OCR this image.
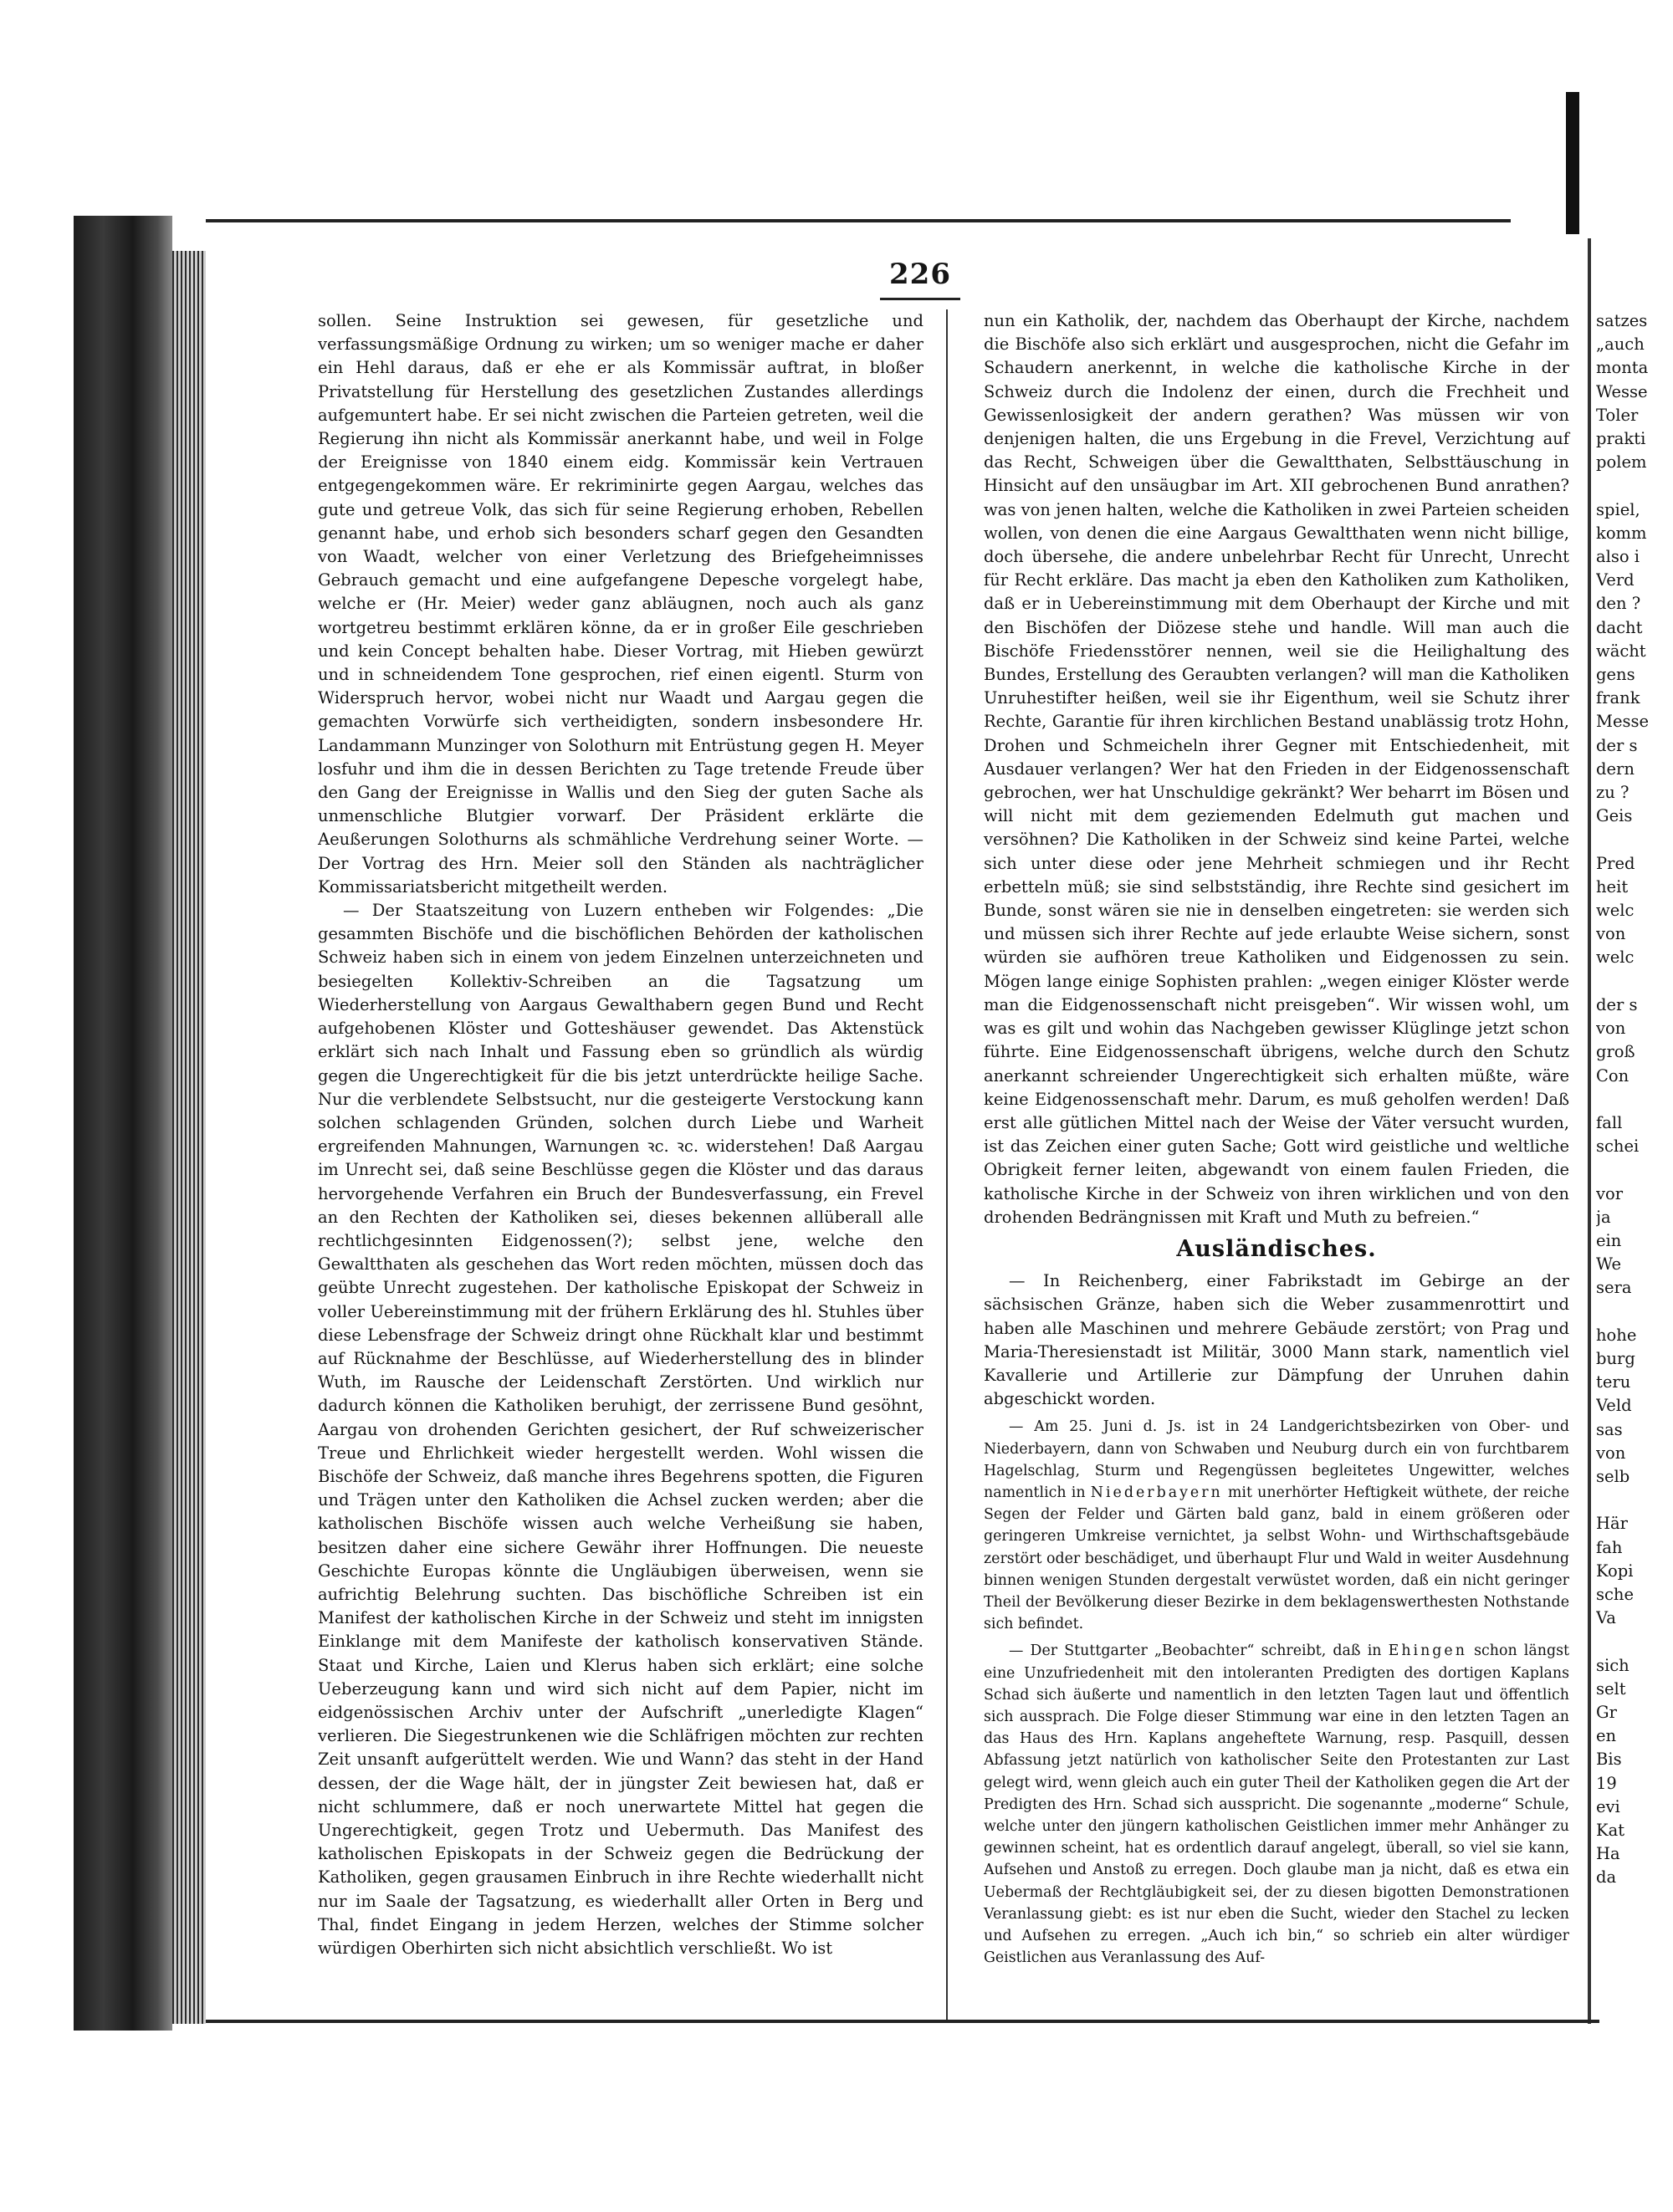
226

sollen. Seine Instruktion sei gewesen, für gesetzliche und verfassungsmäßige Ordnung zu wirken; um so weniger mache er daher ein Hehl daraus, daß er ehe er als Kommissär auftrat, in bloßer Privatstellung für Herstellung des gesetzlichen Zustandes allerdings aufgemuntert habe. Er sei nicht zwischen die Parteien getreten, weil die Regierung ihn nicht als Kommissär anerkannt habe, und weil in Folge der Ereignisse von 1840 einem eidg. Kommissär kein Vertrauen entgegengekommen wäre. Er rekriminirte gegen Aargau, welches das gute und getreue Volk, das sich für seine Regierung erhoben, Rebellen genannt habe, und erhob sich besonders scharf gegen den Gesandten von Waadt, welcher von einer Verletzung des Briefgeheimnisses Gebrauch gemacht und eine aufgefangene Depesche vorgelegt habe, welche er (Hr. Meier) weder ganz abläugnen, noch auch als ganz wortgetreu bestimmt erklären könne, da er in großer Eile geschrieben und kein Concept behalten habe. Dieser Vortrag, mit Hieben gewürzt und in schneidendem Tone gesprochen, rief einen eigentl. Sturm von Widerspruch hervor, wobei nicht nur Waadt und Aargau gegen die gemachten Vorwürfe sich vertheidigten, sondern insbesondere Hr. Landammann Munzinger von Solothurn mit Entrüstung gegen H. Meyer losfuhr und ihm die in dessen Berichten zu Tage tretende Freude über den Gang der Ereignisse in Wallis und den Sieg der guten Sache als unmenschliche Blutgier vorwarf. Der Präsident erklärte die Aeußerungen Solothurns als schmähliche Verdrehung seiner Worte. — Der Vortrag des Hrn. Meier soll den Ständen als nachträglicher Kommissariatsbericht mitgetheilt werden.

— Der Staatszeitung von Luzern entheben wir Folgendes: „Die gesammten Bischöfe und die bischöflichen Behörden der katholischen Schweiz haben sich in einem von jedem Einzelnen unterzeichneten und besiegelten Kollektiv-Schreiben an die Tagsatzung um Wiederherstellung von Aargaus Gewalthabern gegen Bund und Recht aufgehobenen Klöster und Gotteshäuser gewendet. Das Aktenstück erklärt sich nach Inhalt und Fassung eben so gründlich als würdig gegen die Ungerechtigkeit für die bis jetzt unterdrückte heilige Sache. Nur die verblendete Selbstsucht, nur die gesteigerte Verstockung kann solchen schlagenden Gründen, solchen durch Liebe und Warheit ergreifenden Mahnungen, Warnungen ꝛc. ꝛc. widerstehen! Daß Aargau im Unrecht sei, daß seine Beschlüsse gegen die Klöster und das daraus hervorgehende Verfahren ein Bruch der Bundesverfassung, ein Frevel an den Rechten der Katholiken sei, dieses bekennen allüberall alle rechtlichgesinnten Eidgenossen(?); selbst jene, welche den Gewaltthaten als geschehen das Wort reden möchten, müssen doch das geübte Unrecht zugestehen. Der katholische Episkopat der Schweiz in voller Uebereinstimmung mit der frühern Erklärung des hl. Stuhles über diese Lebensfrage der Schweiz dringt ohne Rückhalt klar und bestimmt auf Rücknahme der Beschlüsse, auf Wiederherstellung des in blinder Wuth, im Rausche der Leidenschaft Zerstörten. Und wirklich nur dadurch können die Katholiken beruhigt, der zerrissene Bund gesöhnt, Aargau von drohenden Gerichten gesichert, der Ruf schweizerischer Treue und Ehrlichkeit wieder hergestellt werden. Wohl wissen die Bischöfe der Schweiz, daß manche ihres Begehrens spotten, die Figuren und Trägen unter den Katholiken die Achsel zucken werden; aber die katholischen Bischöfe wissen auch welche Verheißung sie haben, besitzen daher eine sichere Gewähr ihrer Hoffnungen. Die neueste Geschichte Europas könnte die Ungläubigen überweisen, wenn sie aufrichtig Belehrung suchten. Das bischöfliche Schreiben ist ein Manifest der katholischen Kirche in der Schweiz und steht im innigsten Einklange mit dem Manifeste der katholisch konservativen Stände. Staat und Kirche, Laien und Klerus haben sich erklärt; eine solche Ueberzeugung kann und wird sich nicht auf dem Papier, nicht im eidgenössischen Archiv unter der Aufschrift „unerledigte Klagen“ verlieren. Die Siegestrunkenen wie die Schläfrigen möchten zur rechten Zeit unsanft aufgerüttelt werden. Wie und Wann? das steht in der Hand dessen, der die Wage hält, der in jüngster Zeit bewiesen hat, daß er nicht schlummere, daß er noch unerwartete Mittel hat gegen die Ungerechtigkeit, gegen Trotz und Uebermuth. Das Manifest des katholischen Episkopats in der Schweiz gegen die Bedrückung der Katholiken, gegen grausamen Einbruch in ihre Rechte wiederhallt nicht nur im Saale der Tagsatzung, es wiederhallt aller Orten in Berg und Thal, findet Eingang in jedem Herzen, welches der Stimme solcher würdigen Oberhirten sich nicht absichtlich verschließt. Wo ist

nun ein Katholik, der, nachdem das Oberhaupt der Kirche, nachdem die Bischöfe also sich erklärt und ausgesprochen, nicht die Gefahr im Schaudern anerkennt, in welche die katholische Kirche in der Schweiz durch die Indolenz der einen, durch die Frechheit und Gewissenlosigkeit der andern gerathen? Was müssen wir von denjenigen halten, die uns Ergebung in die Frevel, Verzichtung auf das Recht, Schweigen über die Gewaltthaten, Selbsttäuschung in Hinsicht auf den unsäugbar im Art. XII gebrochenen Bund anrathen? was von jenen halten, welche die Katholiken in zwei Parteien scheiden wollen, von denen die eine Aargaus Gewaltthaten wenn nicht billige, doch übersehe, die andere unbelehrbar Recht für Unrecht, Unrecht für Recht erkläre. Das macht ja eben den Katholiken zum Katholiken, daß er in Uebereinstimmung mit dem Oberhaupt der Kirche und mit den Bischöfen der Diözese stehe und handle. Will man auch die Bischöfe Friedensstörer nennen, weil sie die Heilighaltung des Bundes, Erstellung des Geraubten verlangen? will man die Katholiken Unruhestifter heißen, weil sie ihr Eigenthum, weil sie Schutz ihrer Rechte, Garantie für ihren kirchlichen Bestand unablässig trotz Hohn, Drohen und Schmeicheln ihrer Gegner mit Entschiedenheit, mit Ausdauer verlangen? Wer hat den Frieden in der Eidgenossenschaft gebrochen, wer hat Unschuldige gekränkt? Wer beharrt im Bösen und will nicht mit dem geziemenden Edelmuth gut machen und versöhnen? Die Katholiken in der Schweiz sind keine Partei, welche sich unter diese oder jene Mehrheit schmiegen und ihr Recht erbetteln müß; sie sind selbstständig, ihre Rechte sind gesichert im Bunde, sonst wären sie nie in denselben eingetreten: sie werden sich und müssen sich ihrer Rechte auf jede erlaubte Weise sichern, sonst würden sie aufhören treue Katholiken und Eidgenossen zu sein. Mögen lange einige Sophisten prahlen: „wegen einiger Klöster werde man die Eidgenossenschaft nicht preisgeben“. Wir wissen wohl, um was es gilt und wohin das Nachgeben gewisser Klüglinge jetzt schon führte. Eine Eidgenossenschaft übrigens, welche durch den Schutz anerkannt schreiender Ungerechtigkeit sich erhalten müßte, wäre keine Eidgenossenschaft mehr. Darum, es muß geholfen werden! Daß erst alle gütlichen Mittel nach der Weise der Väter versucht wurden, ist das Zeichen einer guten Sache; Gott wird geistliche und weltliche Obrigkeit ferner leiten, abgewandt von einem faulen Frieden, die katholische Kirche in der Schweiz von ihren wirklichen und von den drohenden Bedrängnissen mit Kraft und Muth zu befreien.“

Ausländisches.

— In Reichenberg, einer Fabrikstadt im Gebirge an der sächsischen Gränze, haben sich die Weber zusammenrottirt und haben alle Maschinen und mehrere Gebäude zerstört; von Prag und Maria-Theresienstadt ist Militär, 3000 Mann stark, namentlich viel Kavallerie und Artillerie zur Dämpfung der Unruhen dahin abgeschickt worden.

— Am 25. Juni d. Js. ist in 24 Landgerichtsbezirken von Ober- und Niederbayern, dann von Schwaben und Neuburg durch ein von furchtbarem Hagelschlag, Sturm und Regengüssen begleitetes Ungewitter, welches namentlich in Niederbayern mit unerhörter Heftigkeit wüthete, der reiche Segen der Felder und Gärten bald ganz, bald in einem größeren oder geringeren Umkreise vernichtet, ja selbst Wohn- und Wirthschaftsgebäude zerstört oder beschädiget, und überhaupt Flur und Wald in weiter Ausdehnung binnen wenigen Stunden dergestalt verwüstet worden, daß ein nicht geringer Theil der Bevölkerung dieser Bezirke in dem beklagenswerthesten Nothstande sich befindet.

— Der Stuttgarter „Beobachter“ schreibt, daß in Ehingen schon längst eine Unzufriedenheit mit den intoleranten Predigten des dortigen Kaplans Schad sich äußerte und namentlich in den letzten Tagen laut und öffentlich sich aussprach. Die Folge dieser Stimmung war eine in den letzten Tagen an das Haus des Hrn. Kaplans angeheftete Warnung, resp. Pasquill, dessen Abfassung jetzt natürlich von katholischer Seite den Protestanten zur Last gelegt wird, wenn gleich auch ein guter Theil der Katholiken gegen die Art der Predigten des Hrn. Schad sich ausspricht. Die sogenannte „moderne“ Schule, welche unter den jüngern katholischen Geistlichen immer mehr Anhänger zu gewinnen scheint, hat es ordentlich darauf angelegt, überall, so viel sie kann, Aufsehen und Anstoß zu erregen. Doch glaube man ja nicht, daß es etwa ein Uebermaß der Rechtgläubigkeit sei, der zu diesen bigotten Demonstrationen Veranlassung giebt: es ist nur eben die Sucht, wieder den Stachel zu lecken und Aufsehen zu erregen. „Auch ich bin,“ so schrieb ein alter würdiger Geistlichen aus Veranlassung des Auf-

satzes
„auch
monta
Wesse
Toler
prakti
polem

spiel,
komm
also i
Verd
den ?
dacht
wächt
gens
frank
Messe
der s
dern
zu ?
Geis

Pred
heit
welc
von
welc

der s
von
groß
Con

fall
schei

vor
ja
ein
We
sera

hohe
burg
teru
Veld
sas
von
selb

Här
fah
Kopi
sche
Va

sich
selt
Gr
en
Bis
19
evi
Kat
Ha
da
